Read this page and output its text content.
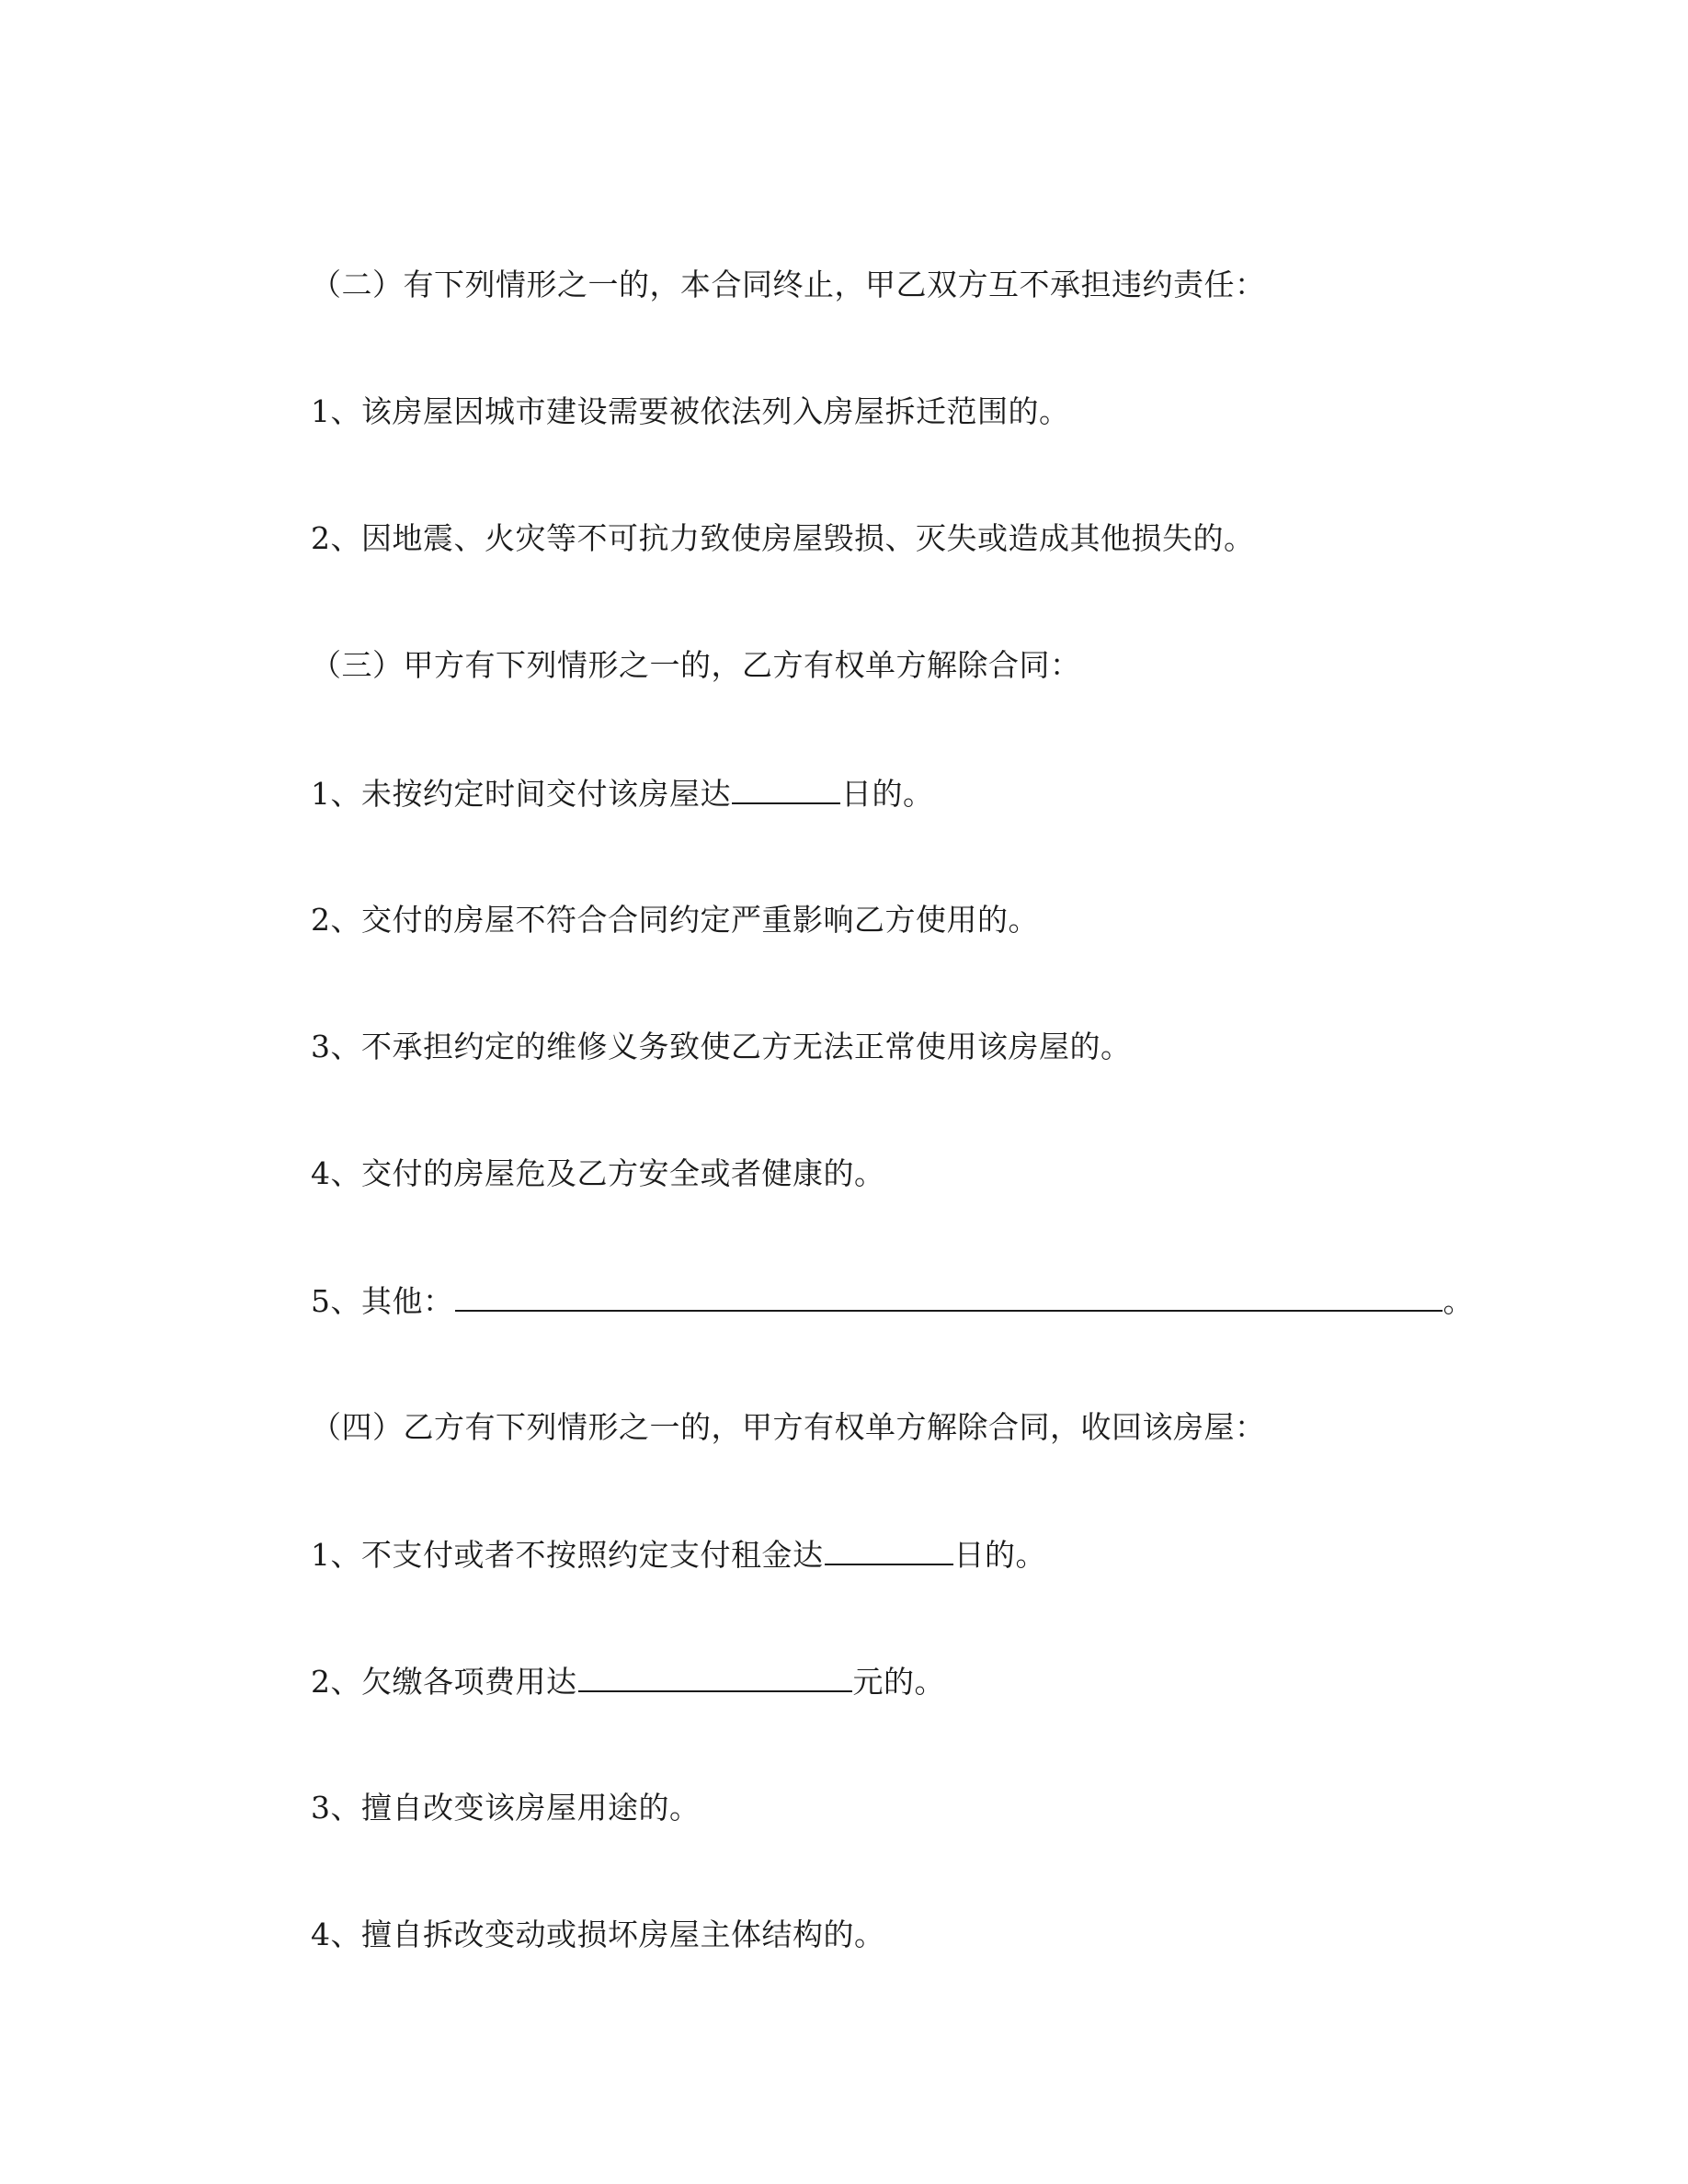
（二）有下列情形之一的，本合同终止，甲乙双方互不承担违约责任：
1、该房屋因城市建设需要被依法列入房屋拆迁范围的。
2、因地震、火灾等不可抗力致使房屋毁损、灭失或造成其他损失的。
（三）甲方有下列情形之一的，乙方有权单方解除合同：
1、未按约定时间交付该房屋达	日的。
2、交付的房屋不符合合同约定严重影响乙方使用的。
3、不承担约定的维修义务致使乙方无法正常使用该房屋的。
4、交付的房屋危及乙方安全或者健康的。
5、其他：	。
（四）乙方有下列情形之一的，甲方有权单方解除合同，收回该房屋：
1、不支付或者不按照约定支付租金达	日的。
2、欠缴各项费用达	元的。
3、擅自改变该房屋用途的。
4、擅自拆改变动或损坏房屋主体结构的。
